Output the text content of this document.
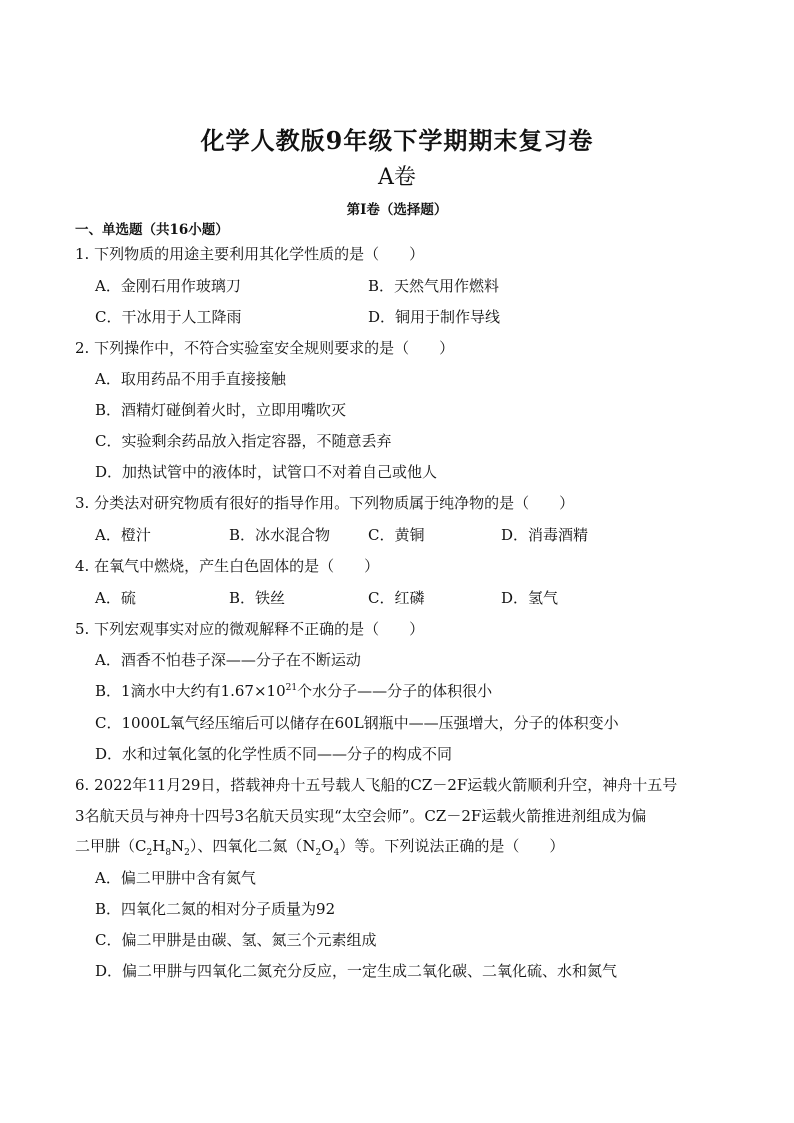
化学人教版9年级下学期期末复习卷
A卷
第I卷（选择题）
一、单选题（共16小题）
1. 下列物质的用途主要利用其化学性质的是（　　）
A．金刚石用作玻璃刀	B．天然气用作燃料
C．干冰用于人工降雨	D．铜用于制作导线
2. 下列操作中，不符合实验室安全规则要求的是（　　）
A．取用药品不用手直接接触
B．酒精灯碰倒着火时，立即用嘴吹灭
C．实验剩余药品放入指定容器，不随意丢弃
D．加热试管中的液体时，试管口不对着自己或他人
3. 分类法对研究物质有很好的指导作用。下列物质属于纯净物的是（　　）
A．橙汁	B．冰水混合物	C．黄铜	D．消毒酒精
4. 在氧气中燃烧，产生白色固体的是（　　）
A．硫	B．铁丝	C．红磷	D．氢气
5. 下列宏观事实对应的微观解释不正确的是（　　）
A．酒香不怕巷子深——分子在不断运动
B．1滴水中大约有$1.67\times 10^{21}$个水分子——分子的体积很小
C．1000L氧气经压缩后可以储存在60L钢瓶中——压强增大，分子的体积变小
D．水和过氧化氢的化学性质不同——分子的构成不同
6. 2022年11月29日，搭载神舟十五号载人飞船的CZ－2F运载火箭顺利升空，神舟十五号
3名航天员与神舟十四号3名航天员实现“太空会师”。CZ－2F运载火箭推进剂组成为偏
二甲肼$(C_2H_8N_2)$、四氧化二氮$(N_2O_4)$等。下列说法正确的是（　　）
A．偏二甲肼中含有氮气
B．四氧化二氮的相对分子质量为92
C．偏二甲肼是由碳、氢、氮三个元素组成
D．偏二甲肼与四氧化二氮充分反应，一定生成二氧化碳、二氧化硫、水和氮气
